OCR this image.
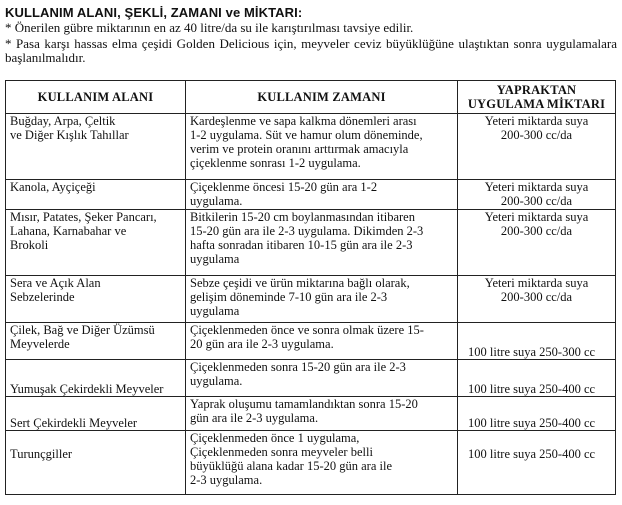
KULLANIM ALANI, ŞEKLİ, ZAMANI ve MİKTARI:
* Önerilen gübre miktarının en az 40 litre/da su ile karıştırılması tavsiye edilir.
* Pasa karşı hassas elma çeşidi Golden Delicious için, meyveler ceviz büyüklüğüne ulaştıktan sonra uygulamalara başlanılmalıdır.
KULLANIM ALANI	KULLANIM ZAMANI	YAPRAKTAN
UYGULAMA MİKTARI
Buğday, Arpa, Çeltik
ve Diğer Kışlık Tahıllar	Kardeşlenme ve sapa kalkma dönemleri arası
1-2 uygulama. Süt ve hamur olum döneminde,
verim ve protein oranını arttırmak amacıyla
çiçeklenme sonrası 1-2 uygulama.	Yeteri miktarda suya
200-300 cc/da
Kanola, Ayçiçeği	Çiçeklenme öncesi 15-20 gün ara 1-2
uygulama.	Yeteri miktarda suya
200-300 cc/da
Mısır, Patates, Şeker Pancarı,
Lahana, Karnabahar ve
Brokoli	Bitkilerin 15-20 cm boylanmasından itibaren
15-20 gün ara ile 2-3 uygulama. Dikimden 2-3
hafta sonradan itibaren 10-15 gün ara ile 2-3
uygulama	Yeteri miktarda suya
200-300 cc/da
Sera ve Açık Alan
Sebzelerinde	Sebze çeşidi ve ürün miktarına bağlı olarak,
gelişim döneminde 7-10 gün ara ile 2-3
uygulama	Yeteri miktarda suya
200-300 cc/da
Çilek, Bağ ve Diğer Üzümsü
Meyvelerde	Çiçeklenmeden önce ve sonra olmak üzere 15-
20 gün ara ile 2-3 uygulama.	100 litre suya 250-300 cc
Yumuşak Çekirdekli Meyveler	Çiçeklenmeden sonra 15-20 gün ara ile 2-3
uygulama.	100 litre suya 250-400 cc
Sert Çekirdekli Meyveler	Yaprak oluşumu tamamlandıktan sonra 15-20
gün ara ile 2-3 uygulama.	100 litre suya 250-400 cc
Turunçgiller	Çiçeklenmeden önce 1 uygulama,
Çiçeklenmeden sonra meyveler belli
büyüklüğü alana kadar 15-20 gün ara ile
2-3 uygulama.	100 litre suya 250-400 cc
